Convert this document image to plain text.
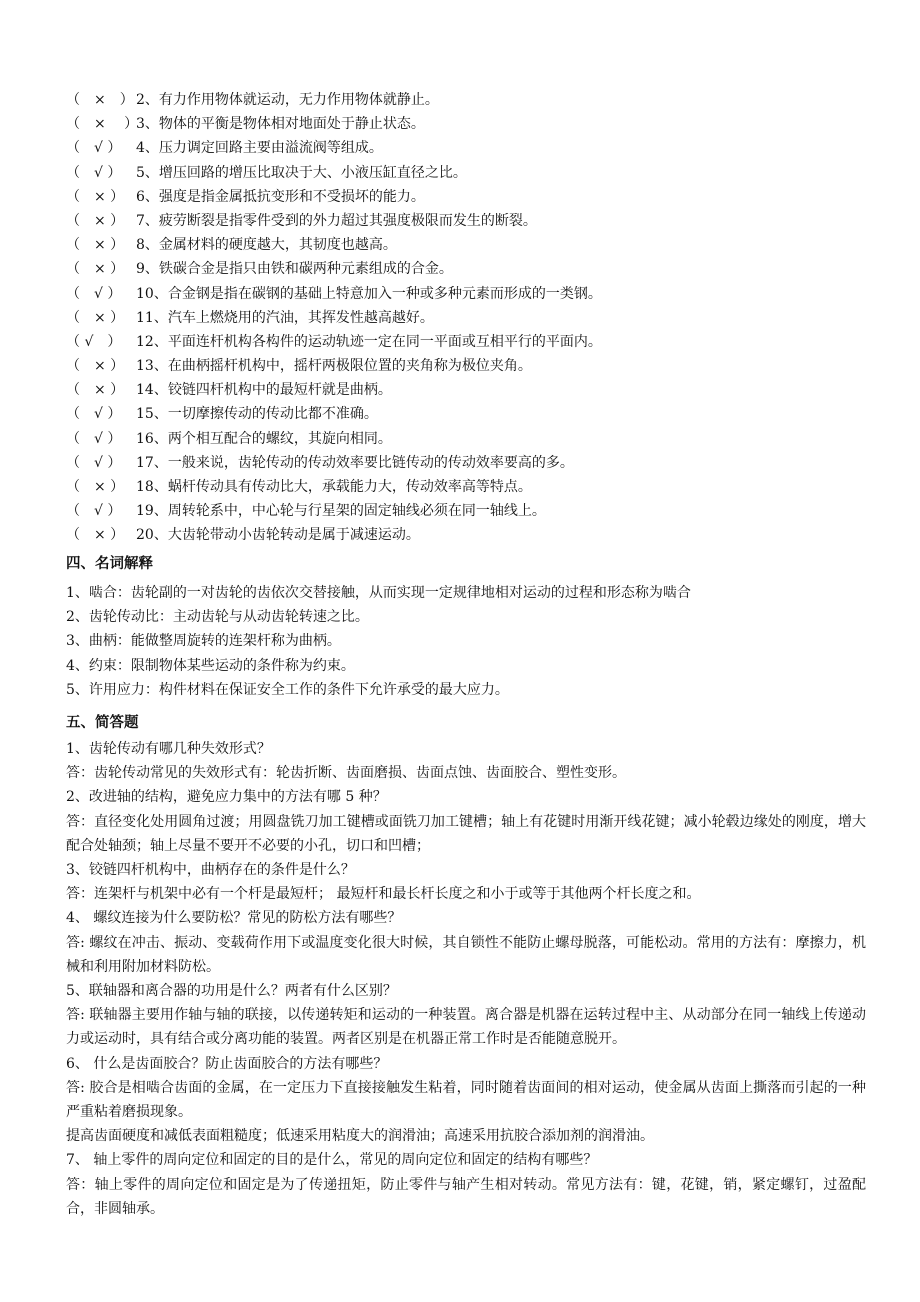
（　×　） 2、有力作用物体就运动，无力作用物体就静止。
（　×　 ）3、物体的平衡是物体相对地面处于静止状态。
（　√ ） 4、压力调定回路主要由溢流阀等组成。
（　√ ） 5、增压回路的增压比取决于大、小液压缸直径之比。
（　× ） 6、强度是指金属抵抗变形和不受损坏的能力。
（　× ） 7、疲劳断裂是指零件受到的外力超过其强度极限而发生的断裂。
（　× ） 8、金属材料的硬度越大，其韧度也越高。
（　× ） 9、铁碳合金是指只由铁和碳两种元素组成的合金。
（　√ ） 10、合金钢是指在碳钢的基础上特意加入一种或多种元素而形成的一类钢。
（　× ） 11、汽车上燃烧用的汽油，其挥发性越高越好。
（ √　） 12、平面连杆机构各构件的运动轨迹一定在同一平面或互相平行的平面内。
（　× ） 13、在曲柄摇杆机构中，摇杆两极限位置的夹角称为极位夹角。
（　× ） 14、铰链四杆机构中的最短杆就是曲柄。
（　√ ） 15、一切摩擦传动的传动比都不准确。
（　√ ） 16、两个相互配合的螺纹，其旋向相同。
（　√ ） 17、一般来说，齿轮传动的传动效率要比链传动的传动效率要高的多。
（　× ） 18、蜗杆传动具有传动比大，承载能力大，传动效率高等特点。
（　√ ） 19、周转轮系中，中心轮与行星架的固定轴线必须在同一轴线上。
（　× ） 20、大齿轮带动小齿轮转动是属于减速运动。
四、名词解释
1、啮合：齿轮副的一对齿轮的齿依次交替接触，从而实现一定规律地相对运动的过程和形态称为啮合
2、齿轮传动比：主动齿轮与从动齿轮转速之比。
3、曲柄：能做整周旋转的连架杆称为曲柄。
4、约束：限制物体某些运动的条件称为约束。
5、许用应力：构件材料在保证安全工作的条件下允许承受的最大应力。
五、简答题
1、齿轮传动有哪几种失效形式？
答：齿轮传动常见的失效形式有：轮齿折断、齿面磨损、齿面点蚀、齿面胶合、塑性变形。
2、改进轴的结构，避免应力集中的方法有哪 5 种？
答：直径变化处用圆角过渡；用圆盘铣刀加工键槽或面铣刀加工键槽；轴上有花键时用渐开线花键；减小轮毂边缘处的刚度，增大配合处轴颈；轴上尽量不要开不必要的小孔，切口和凹槽；
3、铰链四杆机构中，曲柄存在的条件是什么？
答：连架杆与机架中必有一个杆是最短杆； 最短杆和最长杆长度之和小于或等于其他两个杆长度之和。
4、 螺纹连接为什么要防松？常见的防松方法有哪些？
答: 螺纹在冲击、振动、变载荷作用下或温度变化很大时候，其自锁性不能防止螺母脱落，可能松动。常用的方法有：摩擦力，机械和利用附加材料防松。
5、联轴器和离合器的功用是什么？两者有什么区别？
答: 联轴器主要用作轴与轴的联接，以传递转矩和运动的一种装置。离合器是机器在运转过程中主、从动部分在同一轴线上传递动力或运动时，具有结合或分离功能的装置。两者区别是在机器正常工作时是否能随意脱开。
6、 什么是齿面胶合？防止齿面胶合的方法有哪些？
答: 胶合是相啮合齿面的金属，在一定压力下直接接触发生粘着，同时随着齿面间的相对运动，使金属从齿面上撕落而引起的一种严重粘着磨损现象。
提高齿面硬度和减低表面粗糙度；低速采用粘度大的润滑油；高速采用抗胶合添加剂的润滑油。
7、 轴上零件的周向定位和固定的目的是什么，常见的周向定位和固定的结构有哪些？
答：轴上零件的周向定位和固定是为了传递扭矩，防止零件与轴产生相对转动。常见方法有：键，花键，销，紧定螺钉，过盈配合，非圆轴承。
